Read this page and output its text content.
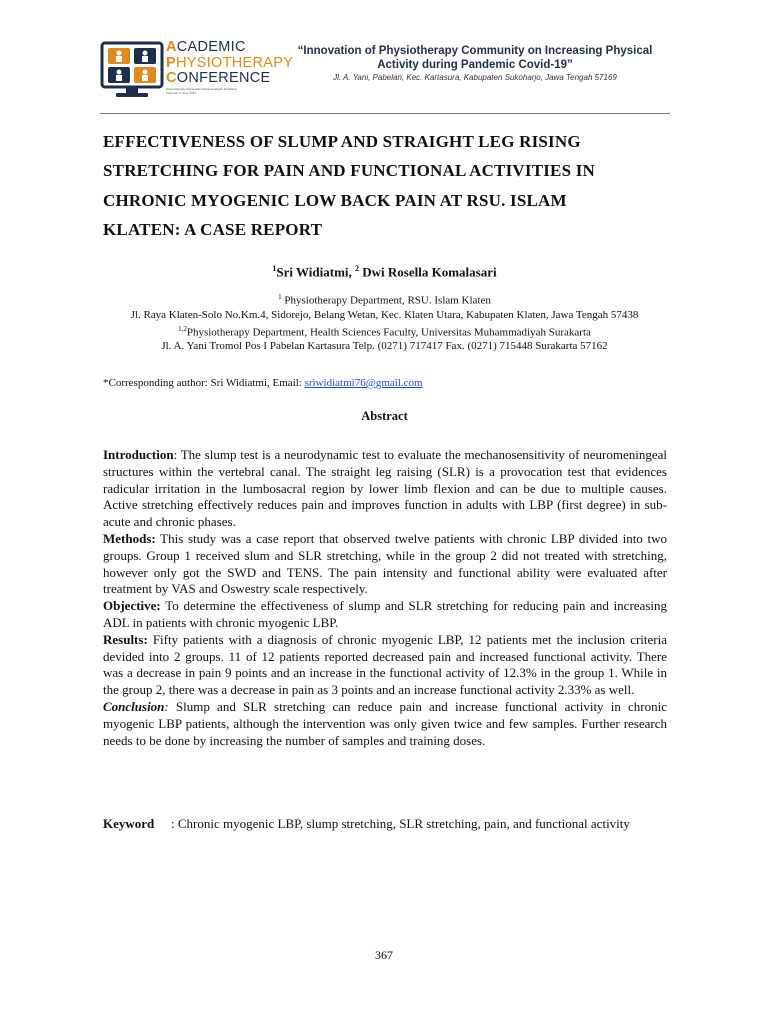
ACADEMIC
PHYSIOTHERAPY
CONFERENCE
Physiotherapy Universitas Muhammadiyah Surakarta
Saturday, 5 June 2021
“Innovation of Physiotherapy Community on Increasing Physical Activity during Pandemic Covid-19”
Jl. A. Yani, Pabelan, Kec. Kartasura, Kabupaten Sukoharjo, Jawa Tengah 57169
EFFECTIVENESS OF SLUMP AND STRAIGHT LEG RISING STRETCHING FOR PAIN AND FUNCTIONAL ACTIVITIES IN CHRONIC MYOGENIC LOW BACK PAIN AT RSU. ISLAM KLATEN: A CASE REPORT
$^1$Sri Widiatmi, $^2$ Dwi Rosella Komalasari
$^1$ Physiotherapy Department, RSU. Islam Klaten
Jl. Raya Klaten-Solo No.Km.4, Sidorejo, Belang Wetan, Kec. Klaten Utara, Kabupaten Klaten, Jawa Tengah 57438
$^{1,2}$Physiotherapy Department, Health Sciences Faculty, Universitas Muhammadiyah Surakarta
Jl. A. Yani Tromol Pos I Pabelan Kartasura Telp. (0271) 717417 Fax. (0271) 715448 Surakarta 57162
*Corresponding author: Sri Widiatmi, Email: sriwidiatmi76@gmail.com
Abstract

Introduction: The slump test is a neurodynamic test to evaluate the mechanosensitivity of neuromeningeal structures within the vertebral canal. The straight leg raising (SLR) is a provocation test that evidences radicular irritation in the lumbosacral region by lower limb flexion and can be due to multiple causes. Active stretching effectively reduces pain and improves function in adults with LBP (first degree) in sub-acute and chronic phases.

Methods: This study was a case report that observed twelve patients with chronic LBP divided into two groups. Group 1 received slum and SLR stretching, while in the group 2 did not treated with stretching, however only got the SWD and TENS. The pain intensity and functional ability were evaluated after treatment by VAS and Oswestry scale respectively.

Objective: To determine the effectiveness of slump and SLR stretching for reducing pain and increasing ADL in patients with chronic myogenic LBP.

Results: Fifty patients with a diagnosis of chronic myogenic LBP, 12 patients met the inclusion criteria devided into 2 groups. 11 of 12 patients reported decreased pain and increased functional activity. There was a decrease in pain 9 points and an increase in the functional activity of 12.3% in the group 1. While in the group 2, there was a decrease in pain as 3 points and an increase functional activity 2.33% as well.

Conclusion: Slump and SLR stretching can reduce pain and increase functional activity in chronic myogenic LBP patients, although the intervention was only given twice and few samples. Further research needs to be done by increasing the number of samples and training doses.

Keyword	: Chronic myogenic LBP, slump stretching, SLR stretching, pain, and functional activity
367
